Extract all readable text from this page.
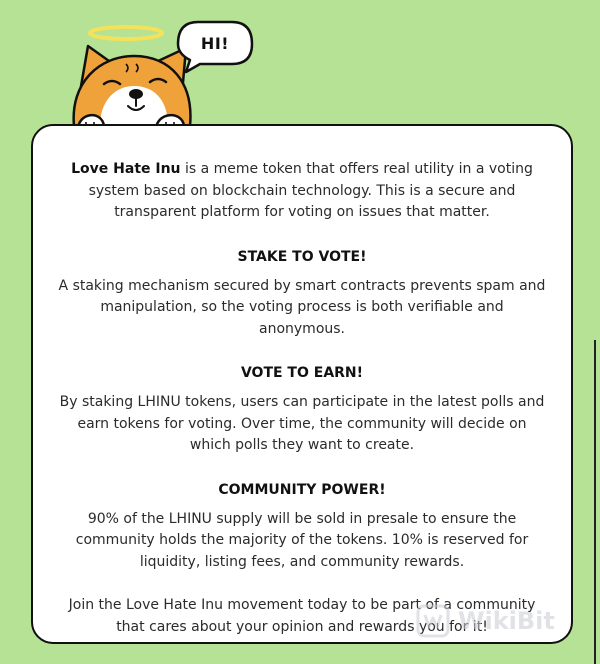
HI!

Love Hate Inu is a meme token that offers real utility in a voting system based on blockchain technology. This is a secure and transparent platform for voting on issues that matter.

STAKE TO VOTE!

A staking mechanism secured by smart contracts prevents spam and manipulation, so the voting process is both verifiable and anonymous.

VOTE TO EARN!

By staking LHINU tokens, users can participate in the latest polls and earn tokens for voting. Over time, the community will decide on which polls they want to create.

COMMUNITY POWER!

90% of the LHINU supply will be sold in presale to ensure the community holds the majority of the tokens. 10% is reserved for liquidity, listing fees, and community rewards.

Join the Love Hate Inu movement today to be part of a community that cares about your opinion and rewards you for it!

WikiBit
